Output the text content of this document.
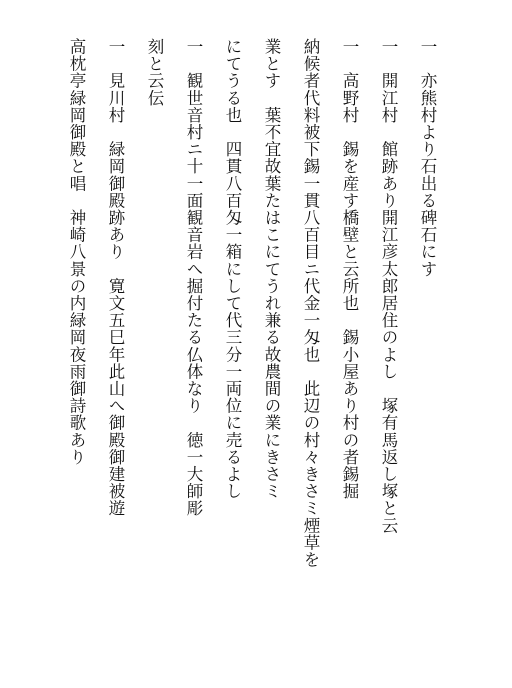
一　亦熊村より石出る碑石にす
一　開江村　館跡あり開江彦太郎居住のよし　塚有馬返し塚と云
一　高野村　錫を産す橋壁と云所也　錫小屋あり村の者錫掘
納候者代料被下錫一貫八百目ニ代金一匁也　此辺の村々きさミ煙草を
業とす　葉不宜故葉たはこにてうれ兼る故農間の業にきさミ
にてうる也　四貫八百匁一箱にして代三分一両位に売るよし
一　観世音村ニ十一面観音岩へ掘付たる仏体なり　徳一大師彫
刻と云伝
一　見川村　緑岡御殿跡あり　寛文五巳年此山へ御殿御建被遊
高枕亭緑岡御殿と唱　神崎八景の内緑岡夜雨御詩歌あり
